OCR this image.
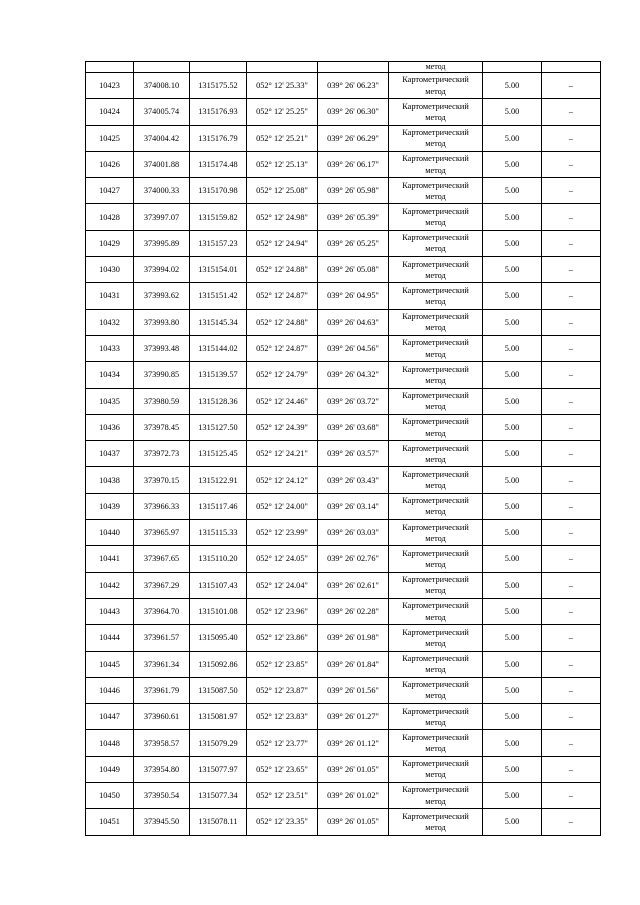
					метод		
10423	374008.10	1315175.52	052° 12' 25.33"	039° 26' 06.23"	Картометрический метод	5.00	–
10424	374005.74	1315176.93	052° 12' 25.25"	039° 26' 06.30"	Картометрический метод	5.00	–
10425	374004.42	1315176.79	052° 12' 25.21"	039° 26' 06.29"	Картометрический метод	5.00	–
10426	374001.88	1315174.48	052° 12' 25.13"	039° 26' 06.17"	Картометрический метод	5.00	–
10427	374000.33	1315170.98	052° 12' 25.08"	039° 26' 05.98"	Картометрический метод	5.00	–
10428	373997.07	1315159.82	052° 12' 24.98"	039° 26' 05.39"	Картометрический метод	5.00	–
10429	373995.89	1315157.23	052° 12' 24.94"	039° 26' 05.25"	Картометрический метод	5.00	–
10430	373994.02	1315154.01	052° 12' 24.88"	039° 26' 05.08"	Картометрический метод	5.00	–
10431	373993.62	1315151.42	052° 12' 24.87"	039° 26' 04.95"	Картометрический метод	5.00	–
10432	373993.80	1315145.34	052° 12' 24.88"	039° 26' 04.63"	Картометрический метод	5.00	–
10433	373993.48	1315144.02	052° 12' 24.87"	039° 26' 04.56"	Картометрический метод	5.00	–
10434	373990.85	1315139.57	052° 12' 24.79"	039° 26' 04.32"	Картометрический метод	5.00	–
10435	373980.59	1315128.36	052° 12' 24.46"	039° 26' 03.72"	Картометрический метод	5.00	–
10436	373978.45	1315127.50	052° 12' 24.39"	039° 26' 03.68"	Картометрический метод	5.00	–
10437	373972.73	1315125.45	052° 12' 24.21"	039° 26' 03.57"	Картометрический метод	5.00	–
10438	373970.15	1315122.91	052° 12' 24.12"	039° 26' 03.43"	Картометрический метод	5.00	–
10439	373966.33	1315117.46	052° 12' 24.00"	039° 26' 03.14"	Картометрический метод	5.00	–
10440	373965.97	1315115.33	052° 12' 23.99"	039° 26' 03.03"	Картометрический метод	5.00	–
10441	373967.65	1315110.20	052° 12' 24.05"	039° 26' 02.76"	Картометрический метод	5.00	–
10442	373967.29	1315107.43	052° 12' 24.04"	039° 26' 02.61"	Картометрический метод	5.00	–
10443	373964.70	1315101.08	052° 12' 23.96"	039° 26' 02.28"	Картометрический метод	5.00	–
10444	373961.57	1315095.40	052° 12' 23.86"	039° 26' 01.98"	Картометрический метод	5.00	–
10445	373961.34	1315092.86	052° 12' 23.85"	039° 26' 01.84"	Картометрический метод	5.00	–
10446	373961.79	1315087.50	052° 12' 23.87"	039° 26' 01.56"	Картометрический метод	5.00	–
10447	373960.61	1315081.97	052° 12' 23.83"	039° 26' 01.27"	Картометрический метод	5.00	–
10448	373958.57	1315079.29	052° 12' 23.77"	039° 26' 01.12"	Картометрический метод	5.00	–
10449	373954.80	1315077.97	052° 12' 23.65"	039° 26' 01.05"	Картометрический метод	5.00	–
10450	373950.54	1315077.34	052° 12' 23.51"	039° 26' 01.02"	Картометрический метод	5.00	–
10451	373945.50	1315078.11	052° 12' 23.35"	039° 26' 01.05"	Картометрический метод	5.00	–
